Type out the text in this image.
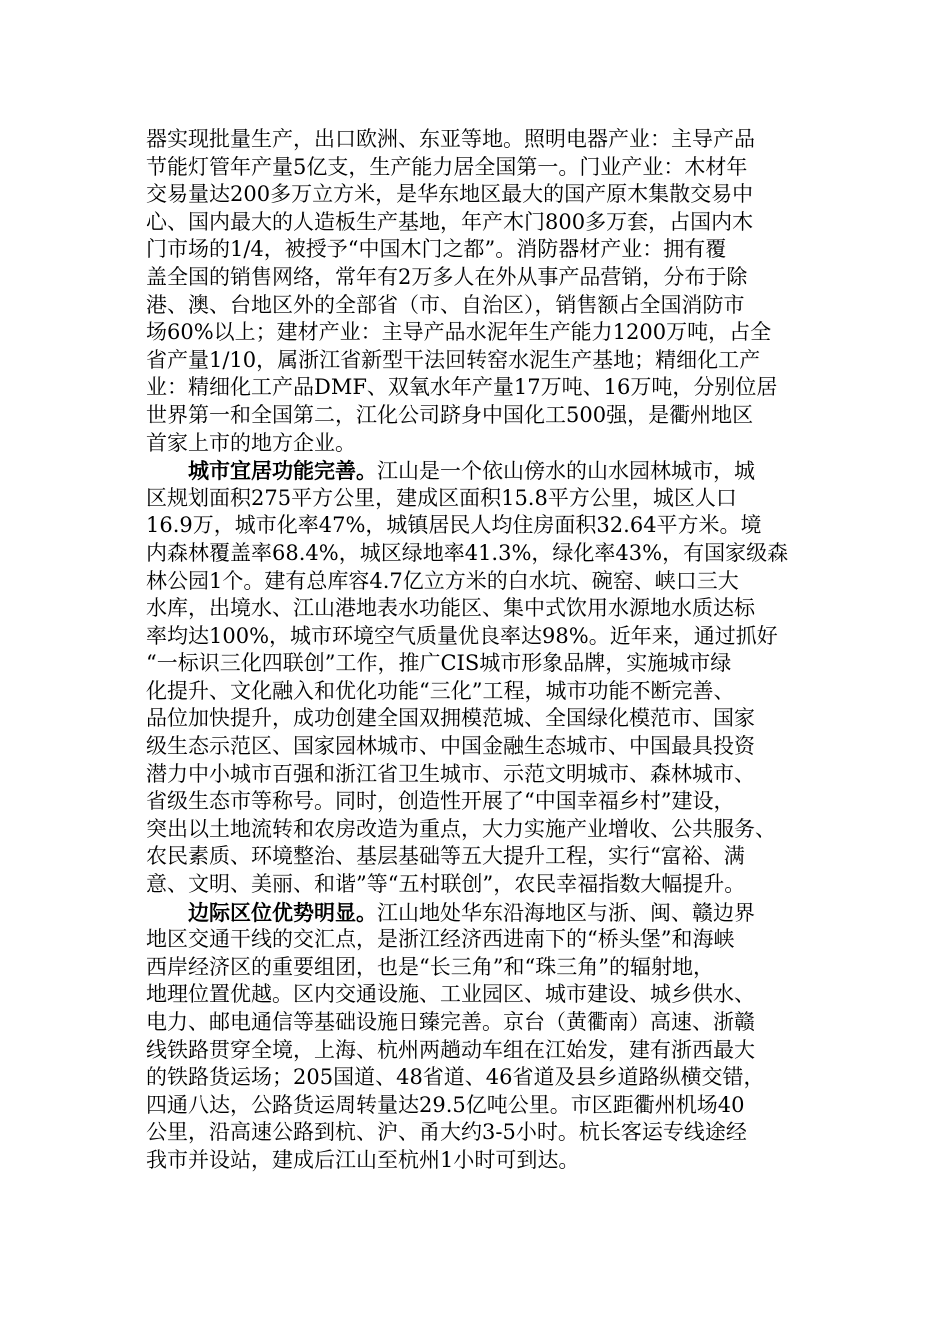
器实现批量生产，出口欧洲、东亚等地。照明电器产业：主导产品
节能灯管年产量5亿支，生产能力居全国第一。门业产业：木材年
交易量达200多万立方米，是华东地区最大的国产原木集散交易中
心、国内最大的人造板生产基地，年产木门800多万套，占国内木
门市场的1/4，被授予“中国木门之都”。消防器材产业：拥有覆
盖全国的销售网络，常年有2万多人在外从事产品营销，分布于除
港、澳、台地区外的全部省（市、自治区），销售额占全国消防市
场60%以上；建材产业：主导产品水泥年生产能力1200万吨，占全
省产量1/10，属浙江省新型干法回转窑水泥生产基地；精细化工产
业：精细化工产品DMF、双氧水年产量17万吨、16万吨，分别位居
世界第一和全国第二，江化公司跻身中国化工500强，是衢州地区
首家上市的地方企业。
城市宜居功能完善。江山是一个依山傍水的山水园林城市，城
区规划面积275平方公里，建成区面积15.8平方公里，城区人口
16.9万，城市化率47%，城镇居民人均住房面积32.64平方米。境
内森林覆盖率68.4%，城区绿地率41.3%，绿化率43%，有国家级森
林公园1个。建有总库容4.7亿立方米的白水坑、碗窑、峡口三大
水库，出境水、江山港地表水功能区、集中式饮用水源地水质达标
率均达100%，城市环境空气质量优良率达98%。近年来，通过抓好
“一标识三化四联创”工作，推广CIS城市形象品牌，实施城市绿
化提升、文化融入和优化功能“三化”工程，城市功能不断完善、
品位加快提升，成功创建全国双拥模范城、全国绿化模范市、国家
级生态示范区、国家园林城市、中国金融生态城市、中国最具投资
潜力中小城市百强和浙江省卫生城市、示范文明城市、森林城市、
省级生态市等称号。同时，创造性开展了“中国幸福乡村”建设，
突出以土地流转和农房改造为重点，大力实施产业增收、公共服务、
农民素质、环境整治、基层基础等五大提升工程，实行“富裕、满
意、文明、美丽、和谐”等“五村联创”，农民幸福指数大幅提升。
边际区位优势明显。江山地处华东沿海地区与浙、闽、赣边界
地区交通干线的交汇点，是浙江经济西进南下的“桥头堡”和海峡
西岸经济区的重要组团，也是“长三角”和“珠三角”的辐射地，
地理位置优越。区内交通设施、工业园区、城市建设、城乡供水、
电力、邮电通信等基础设施日臻完善。京台（黄衢南）高速、浙赣
线铁路贯穿全境，上海、杭州两趟动车组在江始发，建有浙西最大
的铁路货运场；205国道、48省道、46省道及县乡道路纵横交错，
四通八达，公路货运周转量达29.5亿吨公里。市区距衢州机场40
公里，沿高速公路到杭、沪、甬大约3-5小时。杭长客运专线途经
我市并设站，建成后江山至杭州1小时可到达。
